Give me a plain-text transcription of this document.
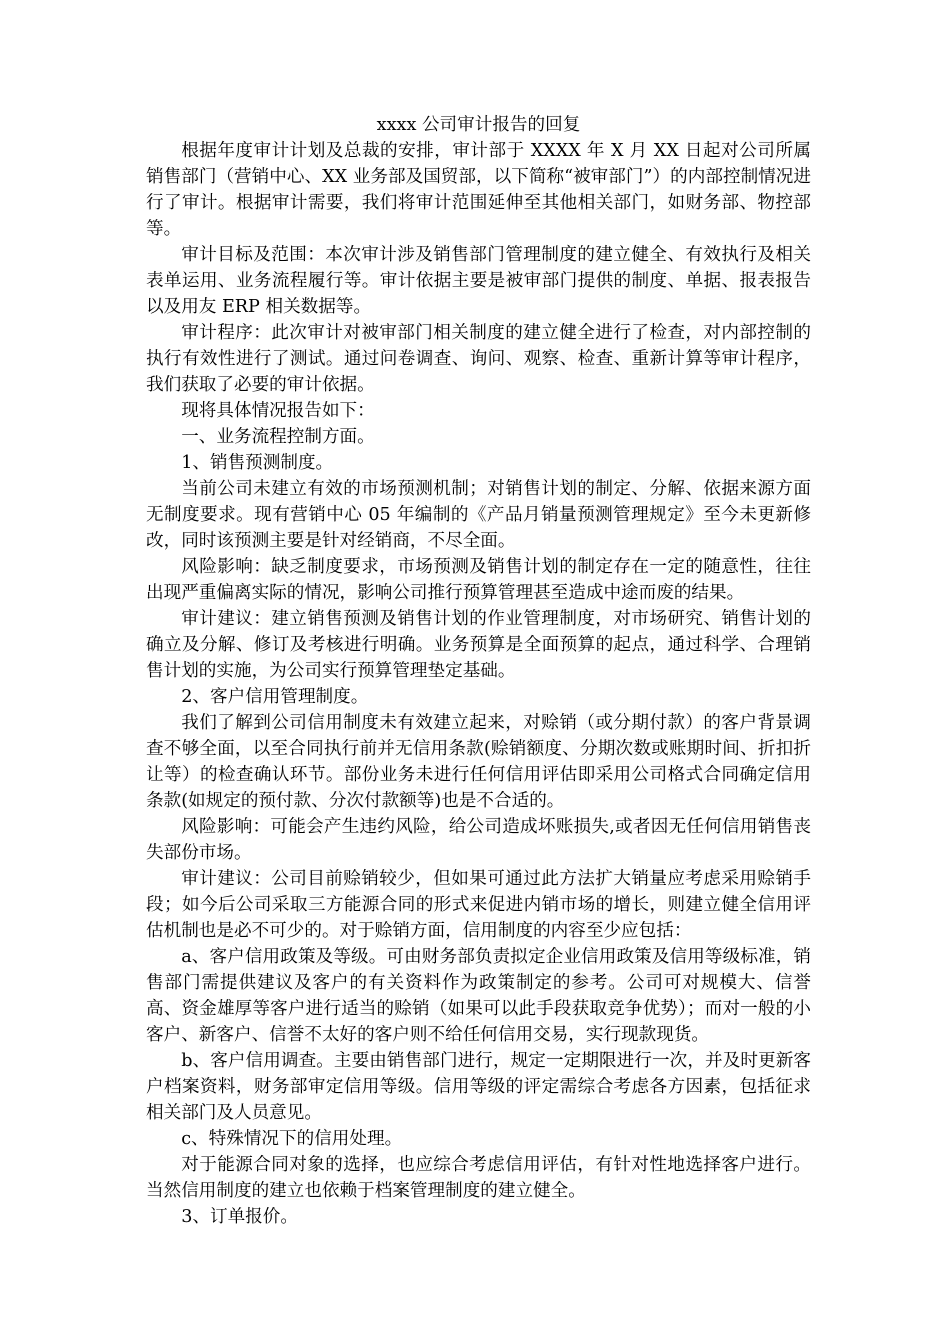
xxxx 公司审计报告的回复

根据年度审计计划及总裁的安排，审计部于 XXXX 年 X 月 XX 日起对公司所属销售部门（营销中心、XX 业务部及国贸部，以下简称“被审部门”）的内部控制情况进行了审计。根据审计需要，我们将审计范围延伸至其他相关部门，如财务部、物控部等。

审计目标及范围：本次审计涉及销售部门管理制度的建立健全、有效执行及相关表单运用、业务流程履行等。审计依据主要是被审部门提供的制度、单据、报表报告以及用友 ERP 相关数据等。

审计程序：此次审计对被审部门相关制度的建立健全进行了检查，对内部控制的执行有效性进行了测试。通过问卷调查、询问、观察、检查、重新计算等审计程序，我们获取了必要的审计依据。

现将具体情况报告如下：

一、业务流程控制方面。

1、销售预测制度。

当前公司未建立有效的市场预测机制；对销售计划的制定、分解、依据来源方面无制度要求。现有营销中心 05 年编制的《产品月销量预测管理规定》至今未更新修改，同时该预测主要是针对经销商，不尽全面。

风险影响：缺乏制度要求，市场预测及销售计划的制定存在一定的随意性，往往出现严重偏离实际的情况，影响公司推行预算管理甚至造成中途而废的结果。

审计建议：建立销售预测及销售计划的作业管理制度，对市场研究、销售计划的确立及分解、修订及考核进行明确。业务预算是全面预算的起点，通过科学、合理销售计划的实施，为公司实行预算管理垫定基础。

2、客户信用管理制度。

我们了解到公司信用制度未有效建立起来，对赊销（或分期付款）的客户背景调查不够全面，以至合同执行前并无信用条款(赊销额度、分期次数或账期时间、折扣折让等）的检查确认环节。部份业务未进行任何信用评估即采用公司格式合同确定信用条款(如规定的预付款、分次付款额等)也是不合适的。

风险影响：可能会产生违约风险，给公司造成坏账损失,或者因无任何信用销售丧失部份市场。

审计建议：公司目前赊销较少，但如果可通过此方法扩大销量应考虑采用赊销手段；如今后公司采取三方能源合同的形式来促进内销市场的增长，则建立健全信用评估机制也是必不可少的。对于赊销方面，信用制度的内容至少应包括：

a、客户信用政策及等级。可由财务部负责拟定企业信用政策及信用等级标准，销售部门需提供建议及客户的有关资料作为政策制定的参考。公司可对规模大、信誉高、资金雄厚等客户进行适当的赊销（如果可以此手段获取竞争优势）；而对一般的小客户、新客户、信誉不太好的客户则不给任何信用交易，实行现款现货。

b、客户信用调查。主要由销售部门进行，规定一定期限进行一次，并及时更新客户档案资料，财务部审定信用等级。信用等级的评定需综合考虑各方因素，包括征求相关部门及人员意见。

c、特殊情况下的信用处理。

对于能源合同对象的选择，也应综合考虑信用评估，有针对性地选择客户进行。当然信用制度的建立也依赖于档案管理制度的建立健全。

3、订单报价。
